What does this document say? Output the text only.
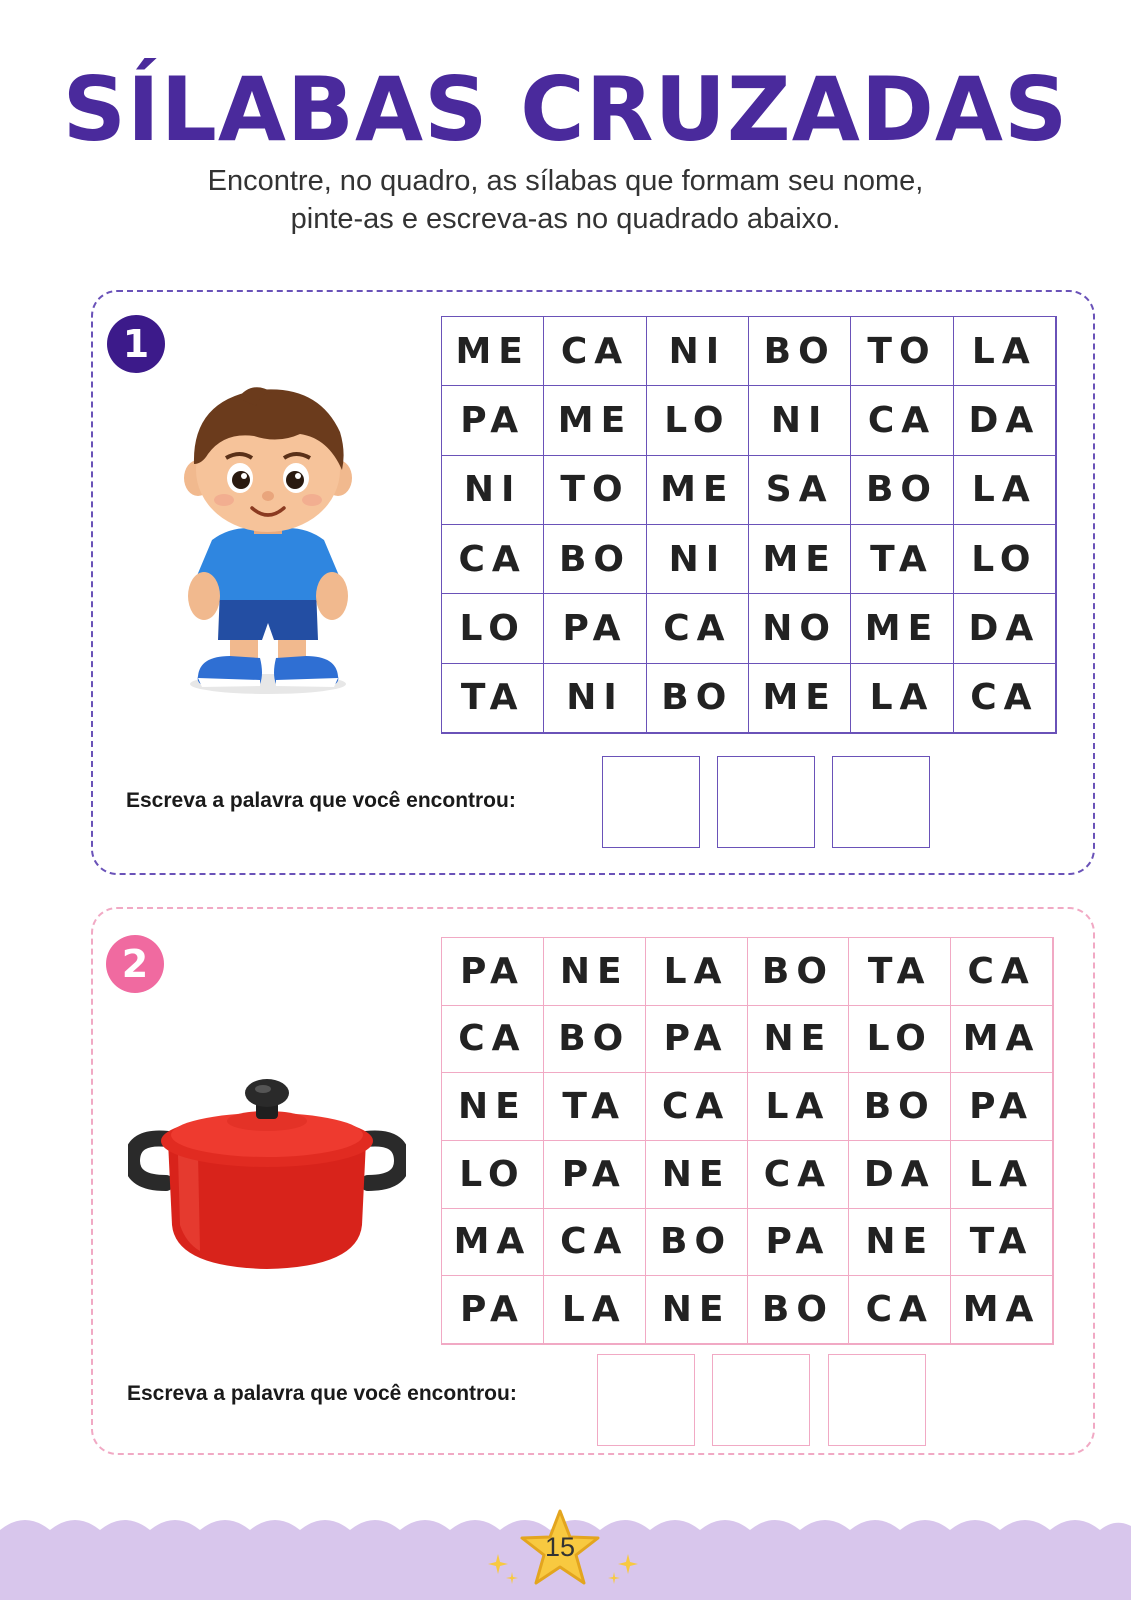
SÍLABAS CRUZADAS
Encontre, no quadro, as sílabas que formam seu nome,
pinte-as e escreva-as no quadrado abaixo.
1	ME CA	NI	BO TO LA
PA ME LO	NI	CA DA
NI	TO ME SA BO LA
CA BO	NI	ME TA	LO
LO	PA CA NO ME DA
TA	NI	BO ME LA CA
Escreva a palavra que você encontrou:
2	PA NE LA BO TA CA
CA BO PA NE LO MA
NE TA CA LA BO PA
LO	PA NE CA DA LA
MA CA BO PA NE TA
PA	LA NE BO CA MA
Escreva a palavra que você encontrou:
15
